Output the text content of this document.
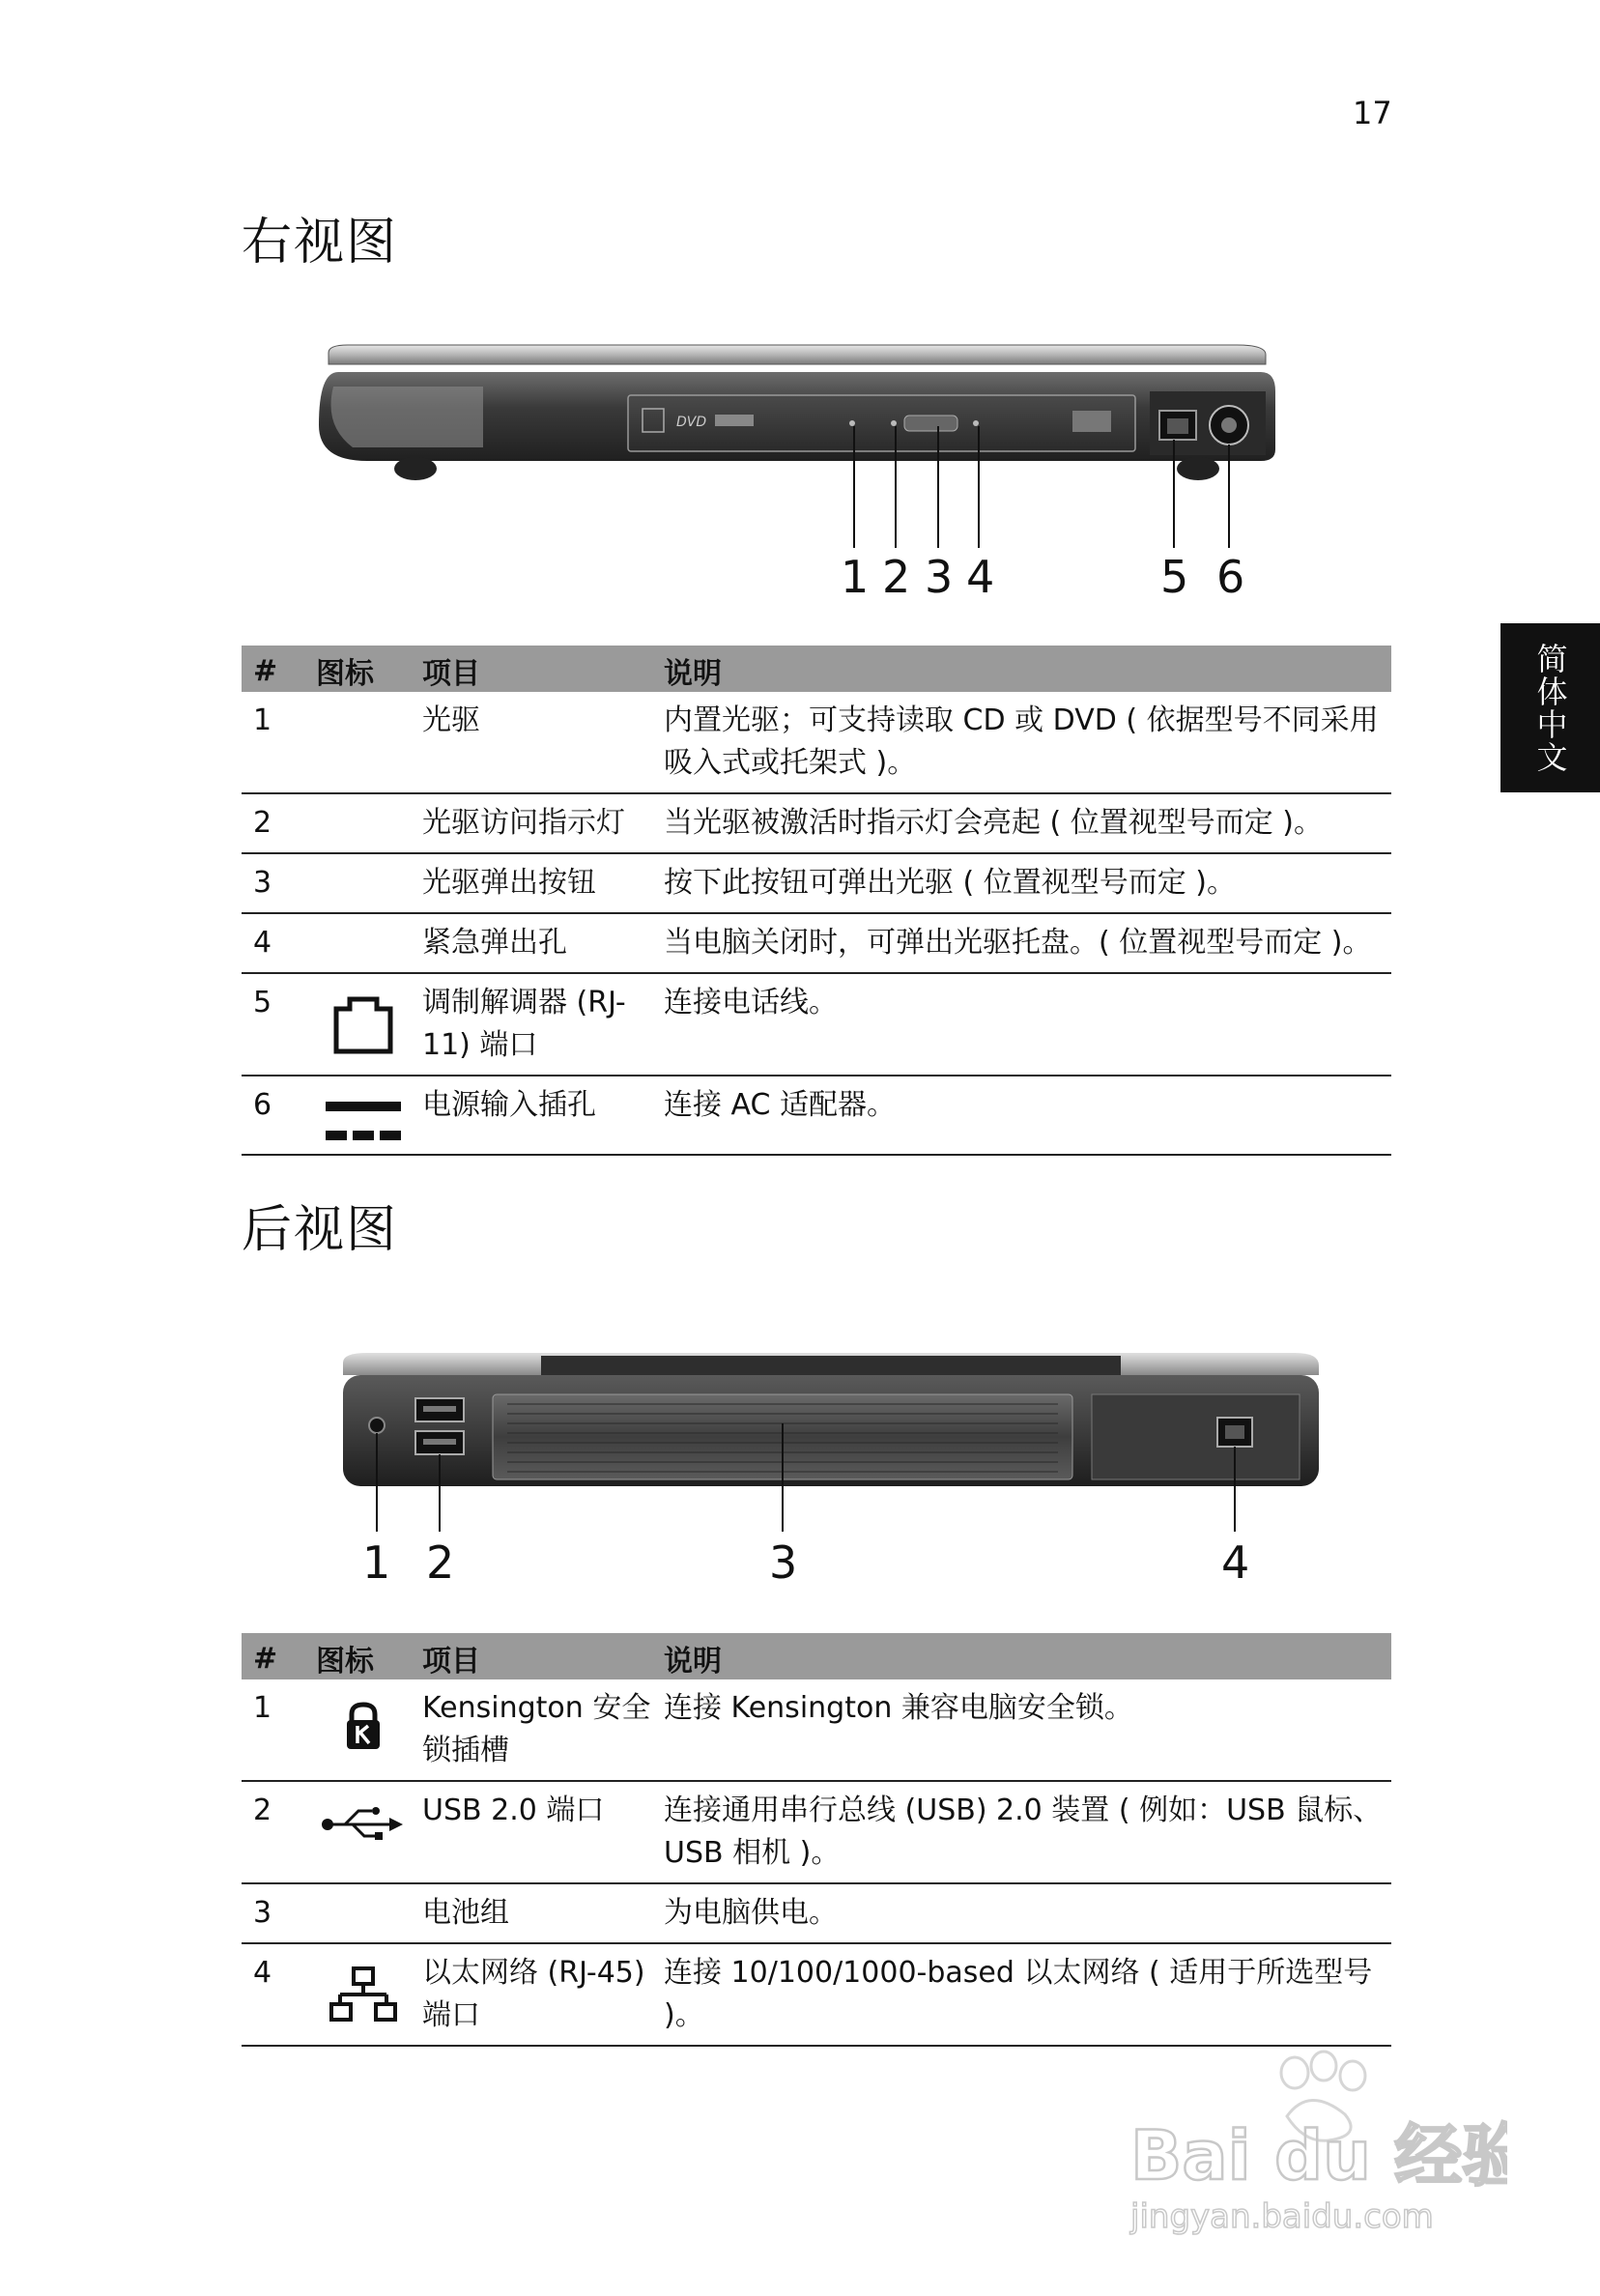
17
简体中文
右视图
DVD
1 2 3 4	5 6
#	图标	项目	说明
1		光驱	内置光驱；可支持读取 CD 或 DVD ( 依据型号不同采用吸入式或托架式 )。
2		光驱访问指示灯	当光驱被激活时指示灯会亮起 ( 位置视型号而定 )。
3		光驱弹出按钮	按下此按钮可弹出光驱 ( 位置视型号而定 )。
4		紧急弹出孔	当电脑关闭时，可弹出光驱托盘。( 位置视型号而定 )。
5		调制解调器 (RJ-11) 端口	连接电话线。
6		电源输入插孔	连接 AC 适配器。
后视图
1 2	3	4
#	图标	项目	说明
1		Kensington 安全锁插槽	连接 Kensington 兼容电脑安全锁。
2		USB 2.0 端口	连接通用串行总线 (USB) 2.0 装置 ( 例如：USB 鼠标、 USB 相机 )。
3		电池组	为电脑供电。
4		以太网络 (RJ-45) 端口	连接 10/100/1000-based 以太网络 ( 适用于所选型号 )。
Bai du 经验
jingyan.baidu.com
